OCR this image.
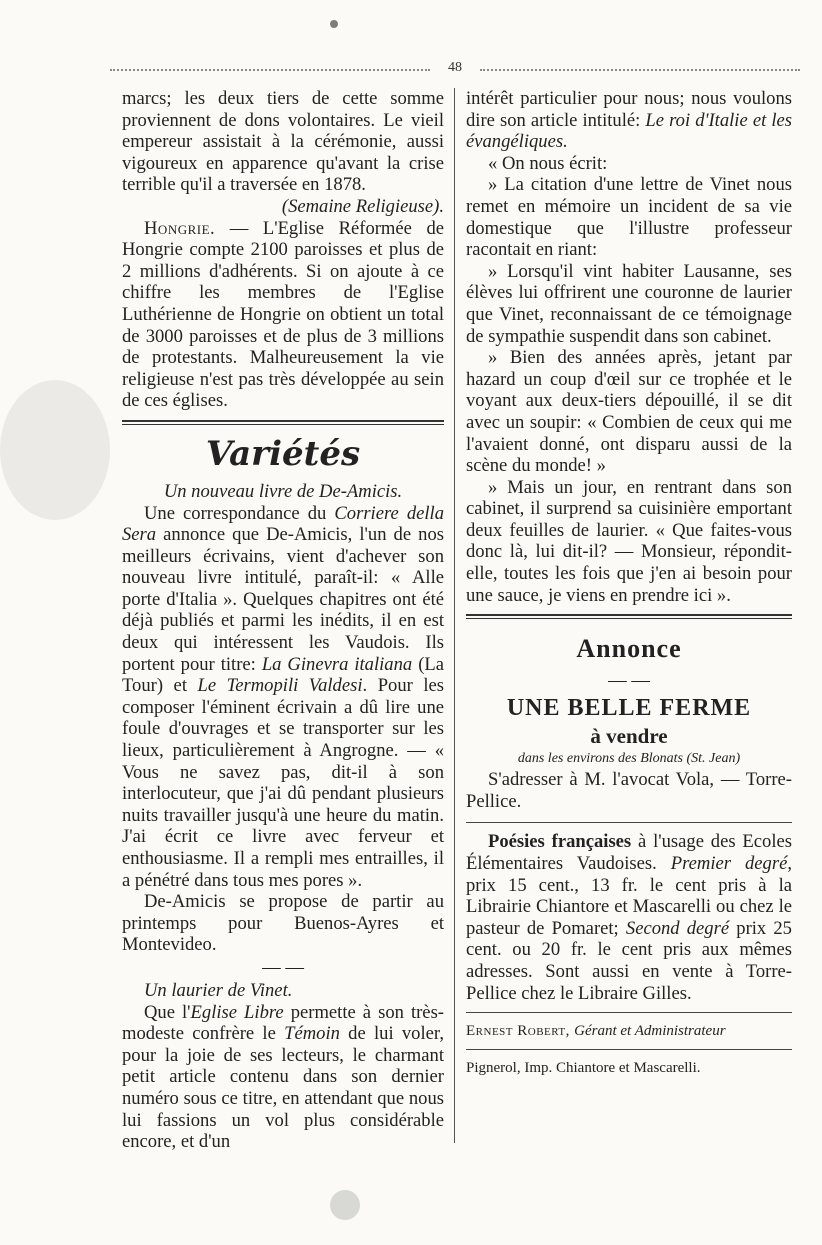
48

marcs; les deux tiers de cette somme proviennent de dons volontaires. Le vieil empereur assistait à la cérémonie, aussi vigoureux en apparence qu'avant la crise terrible qu'il a traversée en 1878.

(Semaine Religieuse).

Hongrie. — L'Eglise Réformée de Hongrie compte 2100 paroisses et plus de 2 millions d'adhérents. Si on ajoute à ce chiffre les membres de l'Eglise Luthérienne de Hongrie on obtient un total de 3000 paroisses et de plus de 3 millions de protestants. Malheureusement la vie religieuse n'est pas très développée au sein de ces églises.

Variétés

Un nouveau livre de De-Amicis.

Une correspondance du Corriere della Sera annonce que De-Amicis, l'un de nos meilleurs écrivains, vient d'achever son nouveau livre intitulé, paraît-il: « Alle porte d'Italia ». Quelques chapitres ont été déjà publiés et parmi les inédits, il en est deux qui intéressent les Vaudois. Ils portent pour titre: La Ginevra italiana (La Tour) et Le Termopili Valdesi. Pour les composer l'éminent écrivain a dû lire une foule d'ouvrages et se transporter sur les lieux, particulièrement à Angrogne. — « Vous ne savez pas, dit-il à son interlocuteur, que j'ai dû pendant plusieurs nuits travailler jusqu'à une heure du matin. J'ai écrit ce livre avec ferveur et enthousiasme. Il a rempli mes entrailles, il a pénétré dans tous mes pores ».

De-Amicis se propose de partir au printemps pour Buenos-Ayres et Montevideo.

— —

Un laurier de Vinet.

Que l'Eglise Libre permette à son très-modeste confrère le Témoin de lui voler, pour la joie de ses lecteurs, le charmant petit article contenu dans son dernier numéro sous ce titre, en attendant que nous lui fassions un vol plus considérable encore, et d'un

intérêt particulier pour nous; nous voulons dire son article intitulé: Le roi d'Italie et les évangéliques.

« On nous écrit:

» La citation d'une lettre de Vinet nous remet en mémoire un incident de sa vie domestique que l'illustre professeur racontait en riant:

» Lorsqu'il vint habiter Lausanne, ses élèves lui offrirent une couronne de laurier que Vinet, reconnaissant de ce témoignage de sympathie suspendit dans son cabinet.

» Bien des années après, jetant par hazard un coup d'œil sur ce trophée et le voyant aux deux-tiers dépouillé, il se dit avec un soupir: « Combien de ceux qui me l'avaient donné, ont disparu aussi de la scène du monde! »

» Mais un jour, en rentrant dans son cabinet, il surprend sa cuisinière emportant deux feuilles de laurier. « Que faites-vous donc là, lui dit-il? — Monsieur, répondit-elle, toutes les fois que j'en ai besoin pour une sauce, je viens en prendre ici ».

Annonce
— —
UNE BELLE FERME
à vendre
dans les environs des Blonats (St. Jean)

S'adresser à M. l'avocat Vola, — Torre-Pellice.

Poésies françaises à l'usage des Ecoles Élémentaires Vaudoises. Premier degré, prix 15 cent., 13 fr. le cent pris à la Librairie Chiantore et Mascarelli ou chez le pasteur de Pomaret; Second degré prix 25 cent. ou 20 fr. le cent pris aux mêmes adresses. Sont aussi en vente à Torre-Pellice chez le Libraire Gilles.

Ernest Robert, Gérant et Administrateur
Pignerol, Imp. Chiantore et Mascarelli.
